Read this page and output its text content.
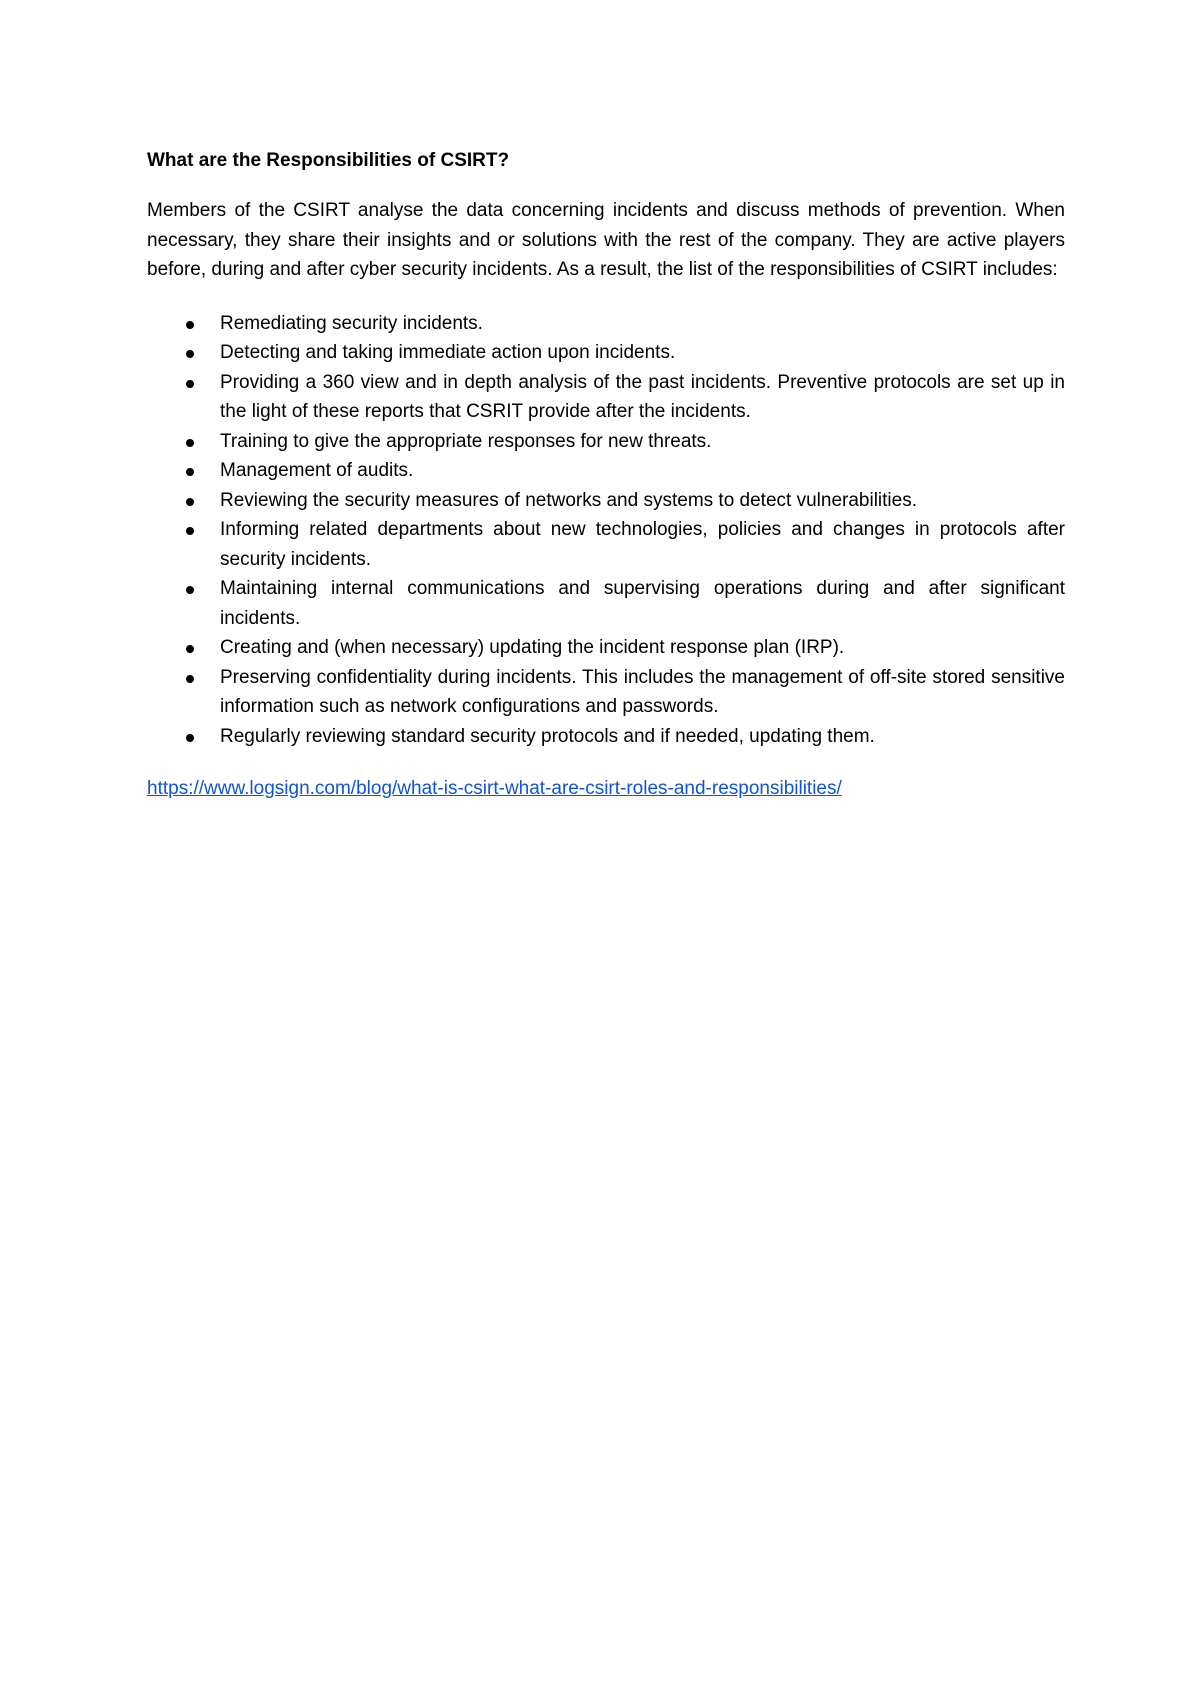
What are the Responsibilities of CSIRT?

Members of the CSIRT analyse the data concerning incidents and discuss methods of prevention. When necessary, they share their insights and or solutions with the rest of the company. They are active players before, during and after cyber security incidents. As a result, the list of the responsibilities of CSIRT includes:

Remediating security incidents.
Detecting and taking immediate action upon incidents.
Providing a 360 view and in depth analysis of the past incidents. Preventive protocols are set up in the light of these reports that CSRIT provide after the incidents.
Training to give the appropriate responses for new threats.
Management of audits.
Reviewing the security measures of networks and systems to detect vulnerabilities.
Informing related departments about new technologies, policies and changes in protocols after security incidents.
Maintaining internal communications and supervising operations during and after significant incidents.
Creating and (when necessary) updating the incident response plan (IRP).
Preserving confidentiality during incidents. This includes the management of off-site stored sensitive information such as network configurations and passwords.
Regularly reviewing standard security protocols and if needed, updating them.
https://www.logsign.com/blog/what-is-csirt-what-are-csirt-roles-and-responsibilities/
